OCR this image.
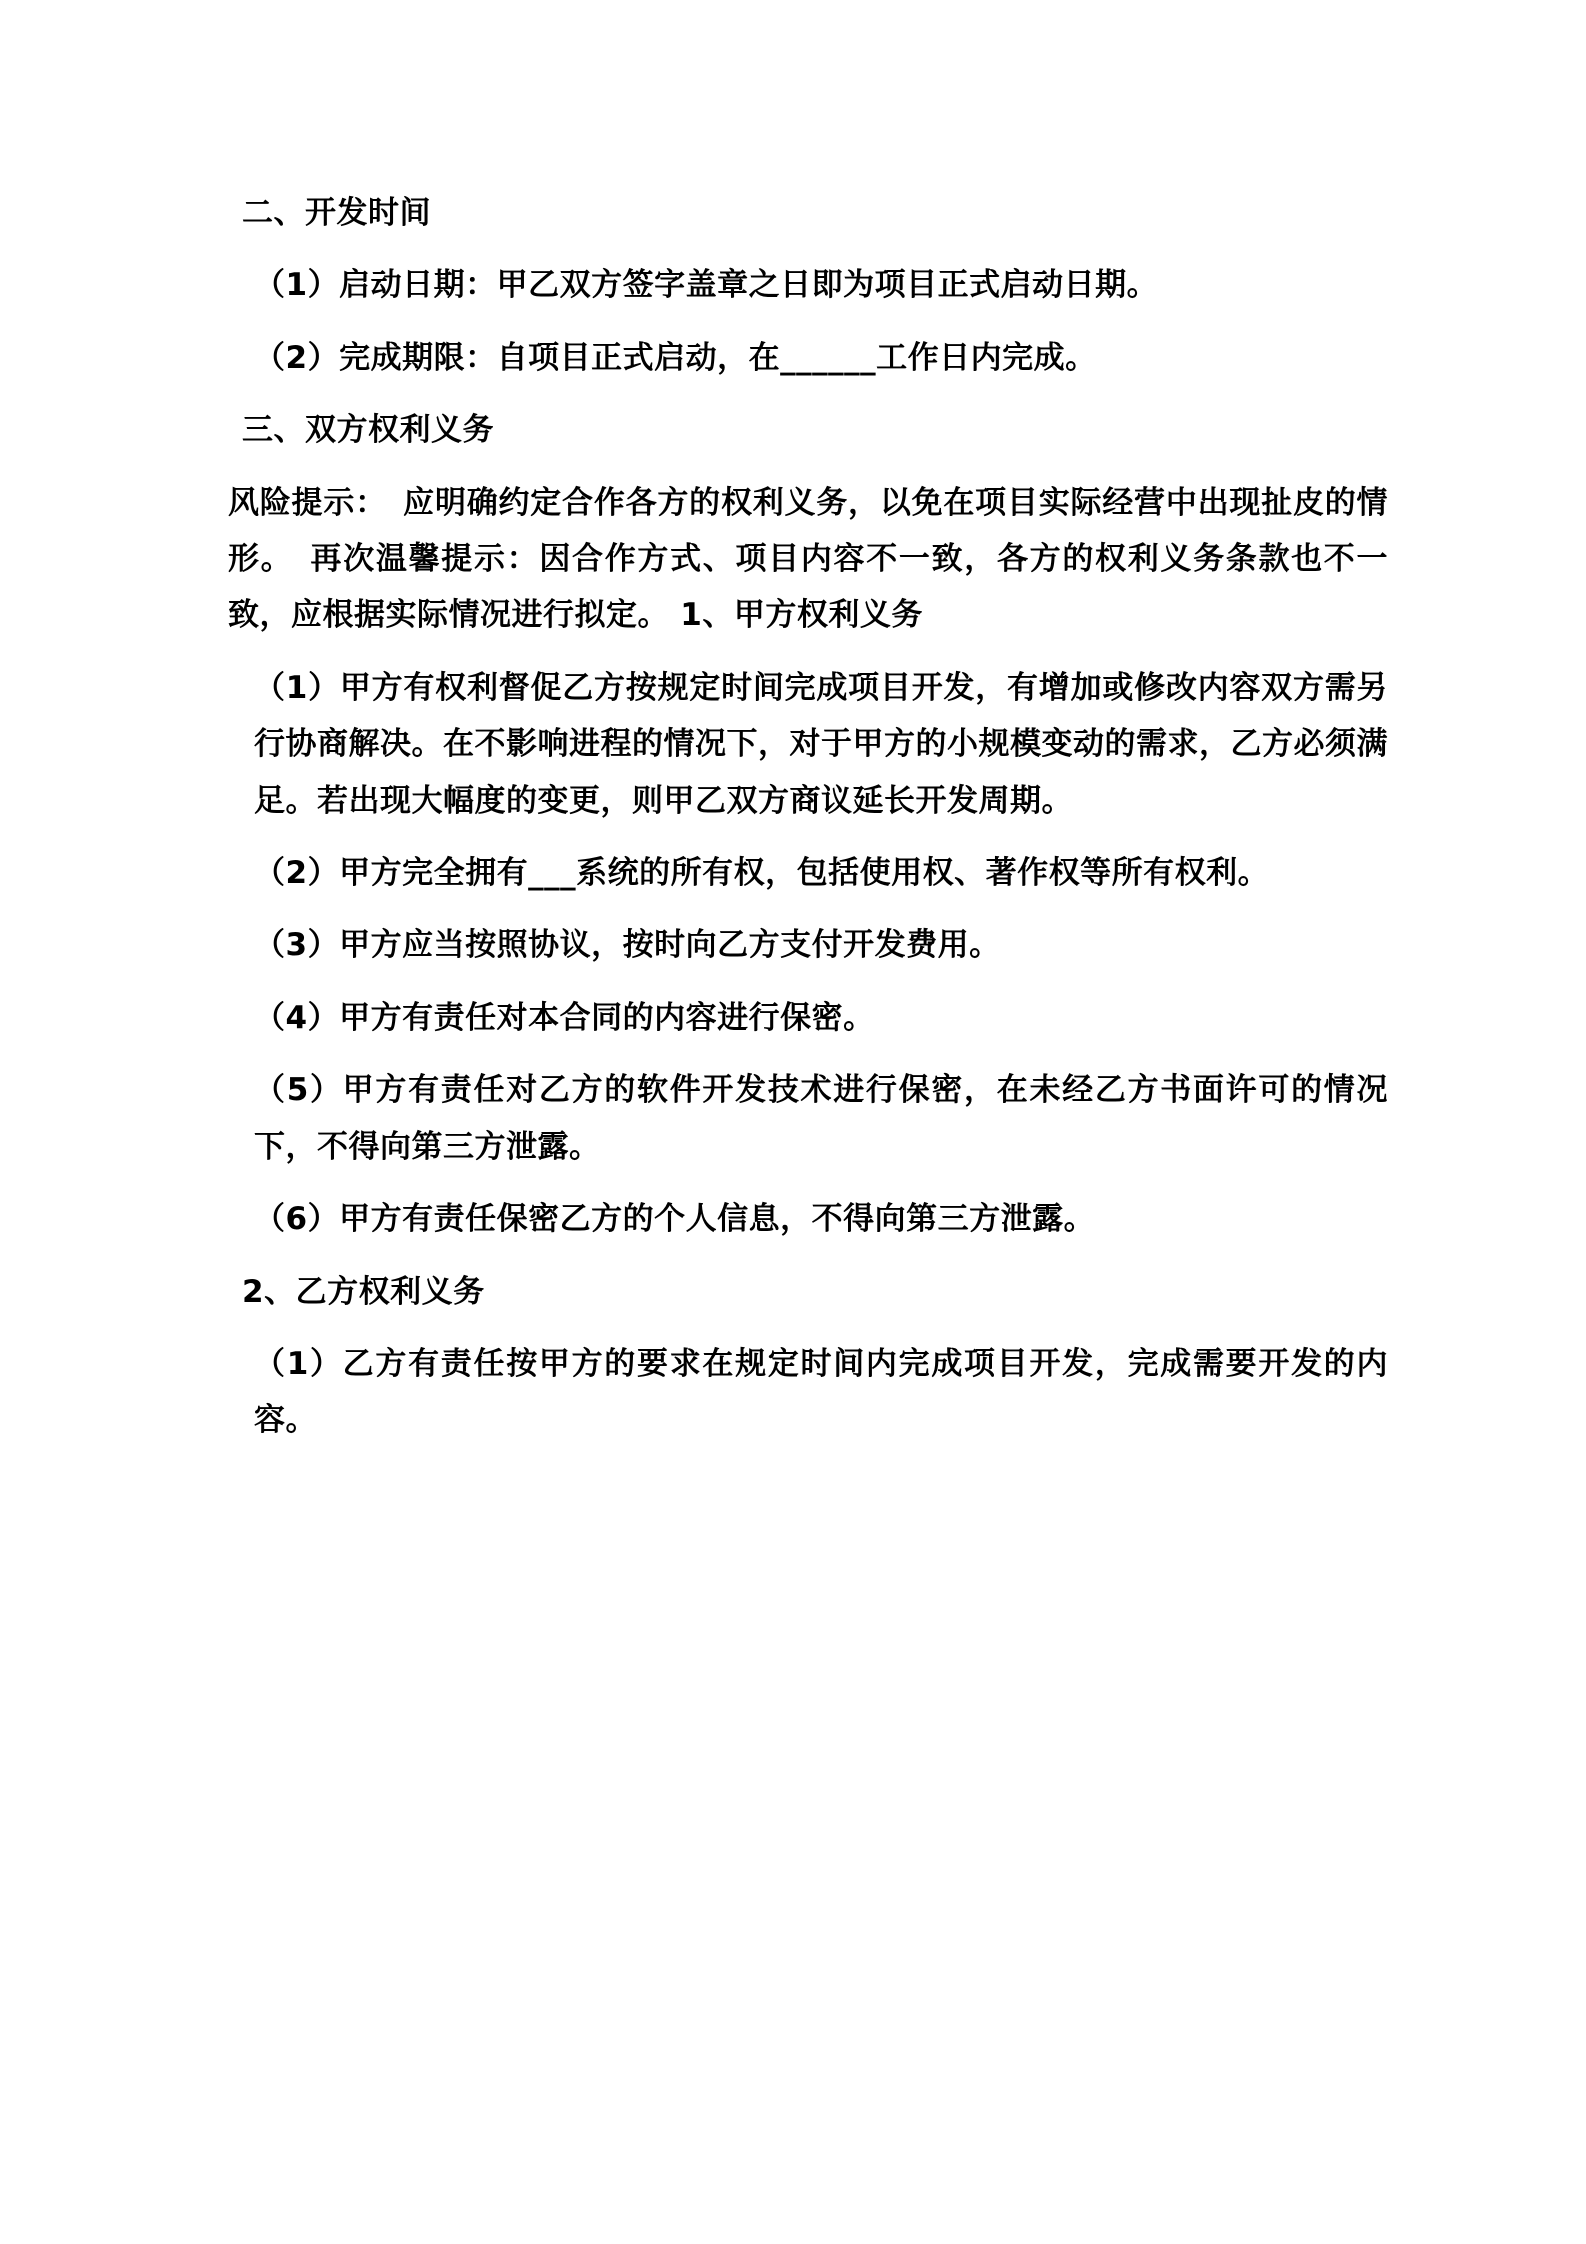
二、开发时间

（1）启动日期：甲乙双方签字盖章之日即为项目正式启动日期。

（2）完成期限：自项目正式启动，在______工作日内完成。

三、双方权利义务

风险提示：　应明确约定合作各方的权利义务，以免在项目实际经营中出现扯皮的情形。　再次温馨提示：因合作方式、项目内容不一致，各方的权利义务条款也不一致，应根据实际情况进行拟定。 1、甲方权利义务

（1）甲方有权利督促乙方按规定时间完成项目开发，有增加或修改内容双方需另行协商解决。在不影响进程的情况下，对于甲方的小规模变动的需求，乙方必须满足。若出现大幅度的变更，则甲乙双方商议延长开发周期。

（2）甲方完全拥有___系统的所有权，包括使用权、著作权等所有权利。

（3）甲方应当按照协议，按时向乙方支付开发费用。

（4）甲方有责任对本合同的内容进行保密。

（5）甲方有责任对乙方的软件开发技术进行保密，在未经乙方书面许可的情况下，不得向第三方泄露。

（6）甲方有责任保密乙方的个人信息，不得向第三方泄露。

2、乙方权利义务

（1）乙方有责任按甲方的要求在规定时间内完成项目开发，完成需要开发的内容。
